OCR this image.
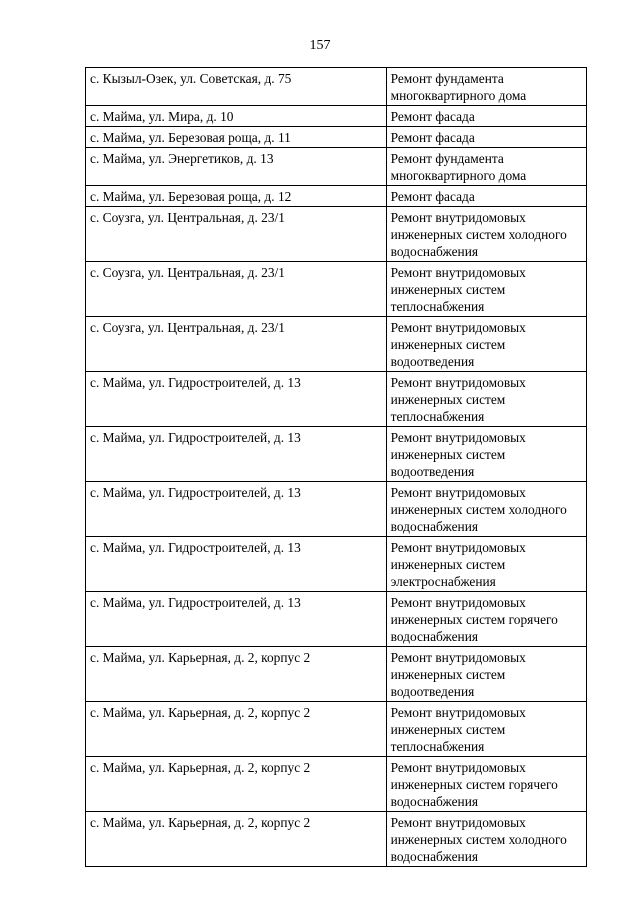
157
с. Кызыл-Озек, ул. Советская, д. 75	Ремонт фундамента многоквартирного дома
с. Майма, ул. Мира, д. 10	Ремонт фасада
с. Майма, ул. Березовая роща, д. 11	Ремонт фасада
с. Майма, ул. Энергетиков, д. 13	Ремонт фундамента многоквартирного дома
с. Майма, ул. Березовая роща, д. 12	Ремонт фасада
с. Соузга, ул. Центральная, д. 23/1	Ремонт внутридомовых инженерных систем холодного водоснабжения
с. Соузга, ул. Центральная, д. 23/1	Ремонт внутридомовых инженерных систем теплоснабжения
с. Соузга, ул. Центральная, д. 23/1	Ремонт внутридомовых инженерных систем водоотведения
с. Майма, ул. Гидростроителей, д. 13	Ремонт внутридомовых инженерных систем теплоснабжения
с. Майма, ул. Гидростроителей, д. 13	Ремонт внутридомовых инженерных систем водоотведения
с. Майма, ул. Гидростроителей, д. 13	Ремонт внутридомовых инженерных систем холодного водоснабжения
с. Майма, ул. Гидростроителей, д. 13	Ремонт внутридомовых инженерных систем электроснабжения
с. Майма, ул. Гидростроителей, д. 13	Ремонт внутридомовых инженерных систем горячего водоснабжения
с. Майма, ул. Карьерная, д. 2, корпус 2	Ремонт внутридомовых инженерных систем водоотведения
с. Майма, ул. Карьерная, д. 2, корпус 2	Ремонт внутридомовых инженерных систем теплоснабжения
с. Майма, ул. Карьерная, д. 2, корпус 2	Ремонт внутридомовых инженерных систем горячего водоснабжения
с. Майма, ул. Карьерная, д. 2, корпус 2	Ремонт внутридомовых инженерных систем холодного водоснабжения
